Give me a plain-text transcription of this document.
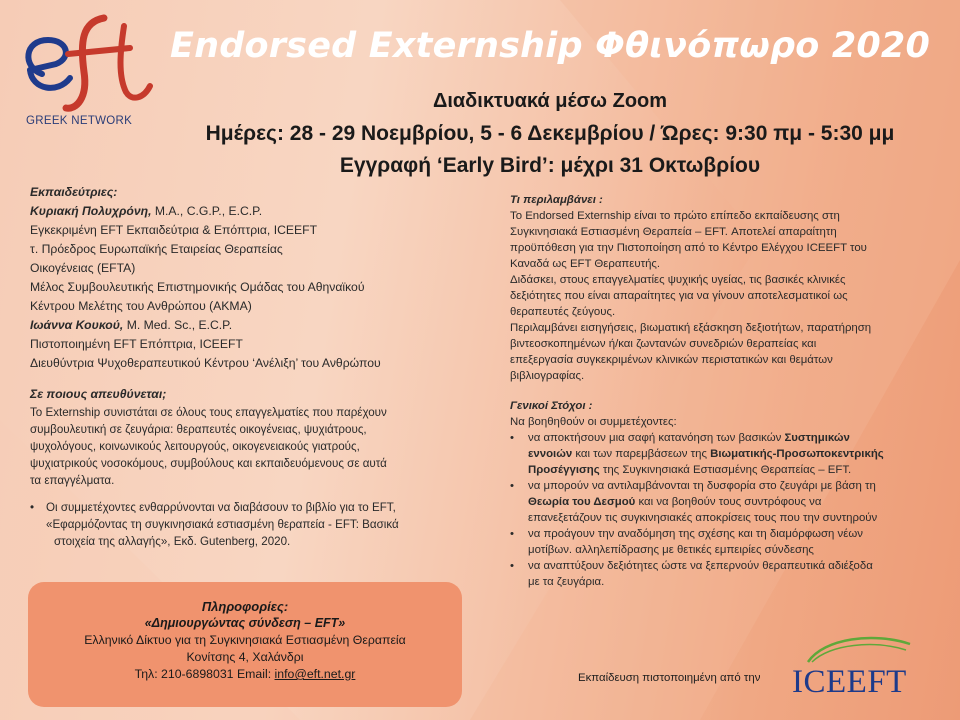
GREEK NETWORK
Endorsed Externship Φθινόπωρο 2020
Διαδικτυακά μέσω Zoom
Ημέρες: 28 - 29 Νοεμβρίου, 5 - 6 Δεκεμβρίου / Ώρες: 9:30 πμ - 5:30 μμ
Εγγραφή ‘Early Bird’: μέχρι 31 Οκτωβρίου
Εκπαιδεύτριες:
Κυριακή Πολυχρόνη, M.A., C.G.P., E.C.P.
Εγκεκριμένη EFT Εκπαιδεύτρια & Επόπτρια, ICEEFT
τ. Πρόεδρος Ευρωπαϊκής Εταιρείας Θεραπείας
Οικογένειας (EFTA)
Μέλος Συμβουλευτικής Επιστημονικής Ομάδας του Αθηναϊκού
Κέντρου Μελέτης του Ανθρώπου (ΑΚΜΑ)
Ιωάννα Κουκού, M. Med. Sc., E.C.P.
Πιστοποιημένη EFT Επόπτρια, ICEEFT
Διευθύντρια Ψυχοθεραπευτικού Κέντρου ‘Ανέλιξη’ του Ανθρώπου
Σε ποιους απευθύνεται;
Το Externship συνιστάται σε όλους τους επαγγελματίες που παρέχουν
συμβουλευτική σε ζευγάρια: θεραπευτές οικογένειας, ψυχιάτρους,
ψυχολόγους, κοινωνικούς λειτουργούς, οικογενειακούς γιατρούς,
ψυχιατρικούς νοσοκόμους, συμβούλους και εκπαιδευόμενους σε αυτά
τα επαγγέλματα.
• Οι συμμετέχοντες ενθαρρύνονται να διαβάσουν το βιβλίο για το EFT,
«Εφαρμόζοντας τη συγκινησιακά εστιασμένη θεραπεία - EFT: Βασικά
στοιχεία της αλλαγής», Εκδ. Gutenberg, 2020.
Τι περιλαμβάνει :
Το Endorsed Externship είναι το πρώτο επίπεδο εκπαίδευσης στη
Συγκινησιακά Εστιασμένη Θεραπεία – EFT. Αποτελεί απαραίτητη
προϋπόθεση για την Πιστοποίηση από το Κέντρο Ελέγχου ICEEFT του
Καναδά ως EFT Θεραπευτής.
Διδάσκει, στους επαγγελματίες ψυχικής υγείας, τις βασικές κλινικές
δεξιότητες που είναι απαραίτητες για να γίνουν αποτελεσματικοί ως
θεραπευτές ζεύγους.
Περιλαμβάνει εισηγήσεις, βιωματική εξάσκηση δεξιοτήτων, παρατήρηση
βιντεοσκοπημένων ή/και ζωντανών συνεδριών θεραπείας και
επεξεργασία συγκεκριμένων κλινικών περιστατικών και θεμάτων
βιβλιογραφίας.
Γενικοί Στόχοι :
Να βοηθηθούν οι συμμετέχοντες:
• να αποκτήσουν μια σαφή κατανόηση των βασικών Συστημικών
εννοιών και των παρεμβάσεων της Βιωματικής-Προσωποκεντρικής
Προσέγγισης της Συγκινησιακά Εστιασμένης Θεραπείας – EFT.
• να μπορούν να αντιλαμβάνονται τη δυσφορία στο ζευγάρι με βάση τη
Θεωρία του Δεσμού και να βοηθούν τους συντρόφους να
επανεξετάζουν τις συγκινησιακές αποκρίσεις τους που την συντηρούν
• να προάγουν την αναδόμηση της σχέσης και τη διαμόρφωση νέων
μοτίβων. αλληλεπίδρασης με θετικές εμπειρίες σύνδεσης
• να αναπτύξουν δεξιότητες ώστε να ξεπερνούν θεραπευτικά αδιέξοδα
με τα ζευγάρια.
Πληροφορίες:
«Δημιουργώντας σύνδεση – EFT»
Ελληνικό Δίκτυο για τη Συγκινησιακά Εστιασμένη Θεραπεία
Κονίτσης 4, Χαλάνδρι
Τηλ: 210-6898031 Email: info@eft.net.gr	Εκπαίδευση πιστοποιημένη από την ICEEFT
